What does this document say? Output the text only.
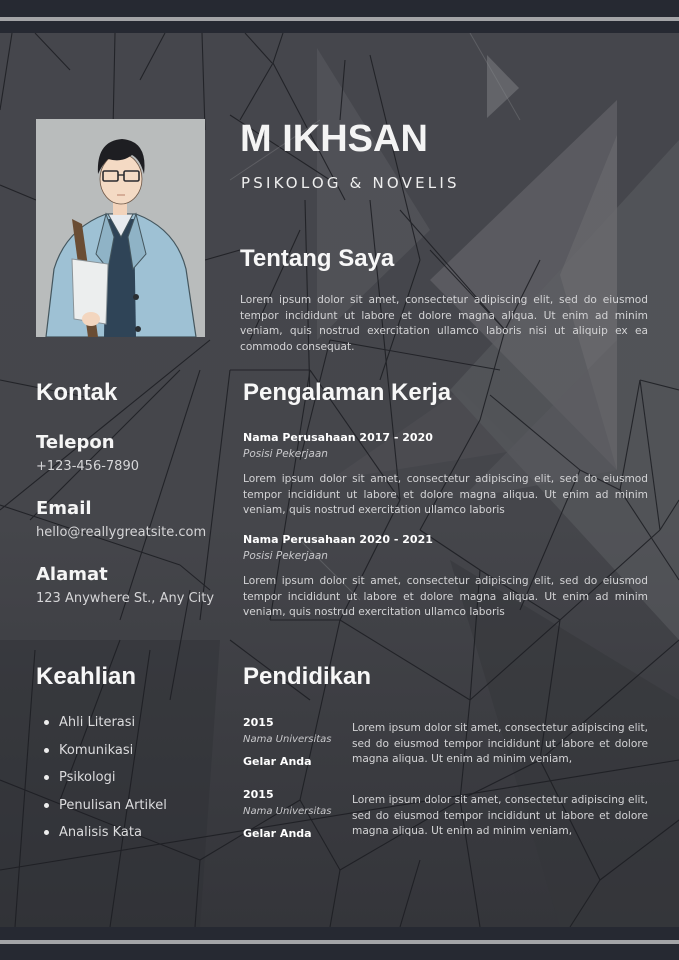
M IKHSAN
PSIKOLOG & NOVELIS
Tentang Saya
Lorem ipsum dolor sit amet, consectetur adipiscing elit, sed do eiusmod tempor incididunt ut labore et dolore magna aliqua. Ut enim ad minim veniam, quis nostrud exercitation ullamco laboris nisi ut aliquip ex ea commodo consequat.
Kontak
Telepon
+123-456-7890
Email
hello@reallygreatsite.com
Alamat
123 Anywhere St., Any City
Pengalaman Kerja
Nama Perusahaan 2017 - 2020
Posisi Pekerjaan
Lorem ipsum dolor sit amet, consectetur adipiscing elit, sed do eiusmod tempor incididunt ut labore et dolore magna aliqua. Ut enim ad minim veniam, quis nostrud exercitation ullamco laboris
Nama Perusahaan 2020 - 2021
Posisi Pekerjaan
Lorem ipsum dolor sit amet, consectetur adipiscing elit, sed do eiusmod tempor incididunt ut labore et dolore magna aliqua. Ut enim ad minim veniam, quis nostrud exercitation ullamco laboris
Keahlian
Ahli Literasi
Komunikasi
Psikologi
Penulisan Artikel
Analisis Kata
Pendidikan
2015
Nama Universitas
Gelar Anda
Lorem ipsum dolor sit amet, consectetur adipiscing elit, sed do eiusmod tempor incididunt ut labore et dolore magna aliqua. Ut enim ad minim veniam,
2015
Nama Universitas
Gelar Anda
Lorem ipsum dolor sit amet, consectetur adipiscing elit, sed do eiusmod tempor incididunt ut labore et dolore magna aliqua. Ut enim ad minim veniam,
